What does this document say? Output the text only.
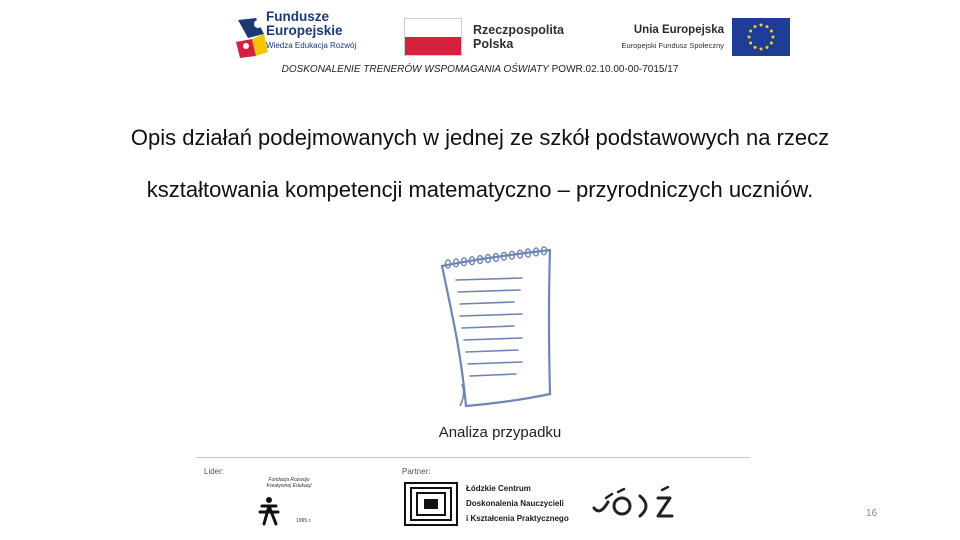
Fundusze
Europejskie
Wiedza Edukacja Rozwój
Rzeczpospolita
Polska
Unia Europejska
Europejski Fundusz Społeczny
DOSKONALENIE TRENERÓW WSPOMAGANIA OŚWIATY POWR.02.10.00-00-7015/17
Opis działań podejmowanych w jednej ze szkół podstawowych na rzecz
kształtowania kompetencji matematyczno – przyrodniczych uczniów.
Analiza przypadku
Lider:	Partner:
Fundacja Rozwoju Kreatywnej Edukacji
1995 r.
Łódzkie Centrum
Doskonalenia Nauczycieli
i Kształcenia Praktycznego	16
